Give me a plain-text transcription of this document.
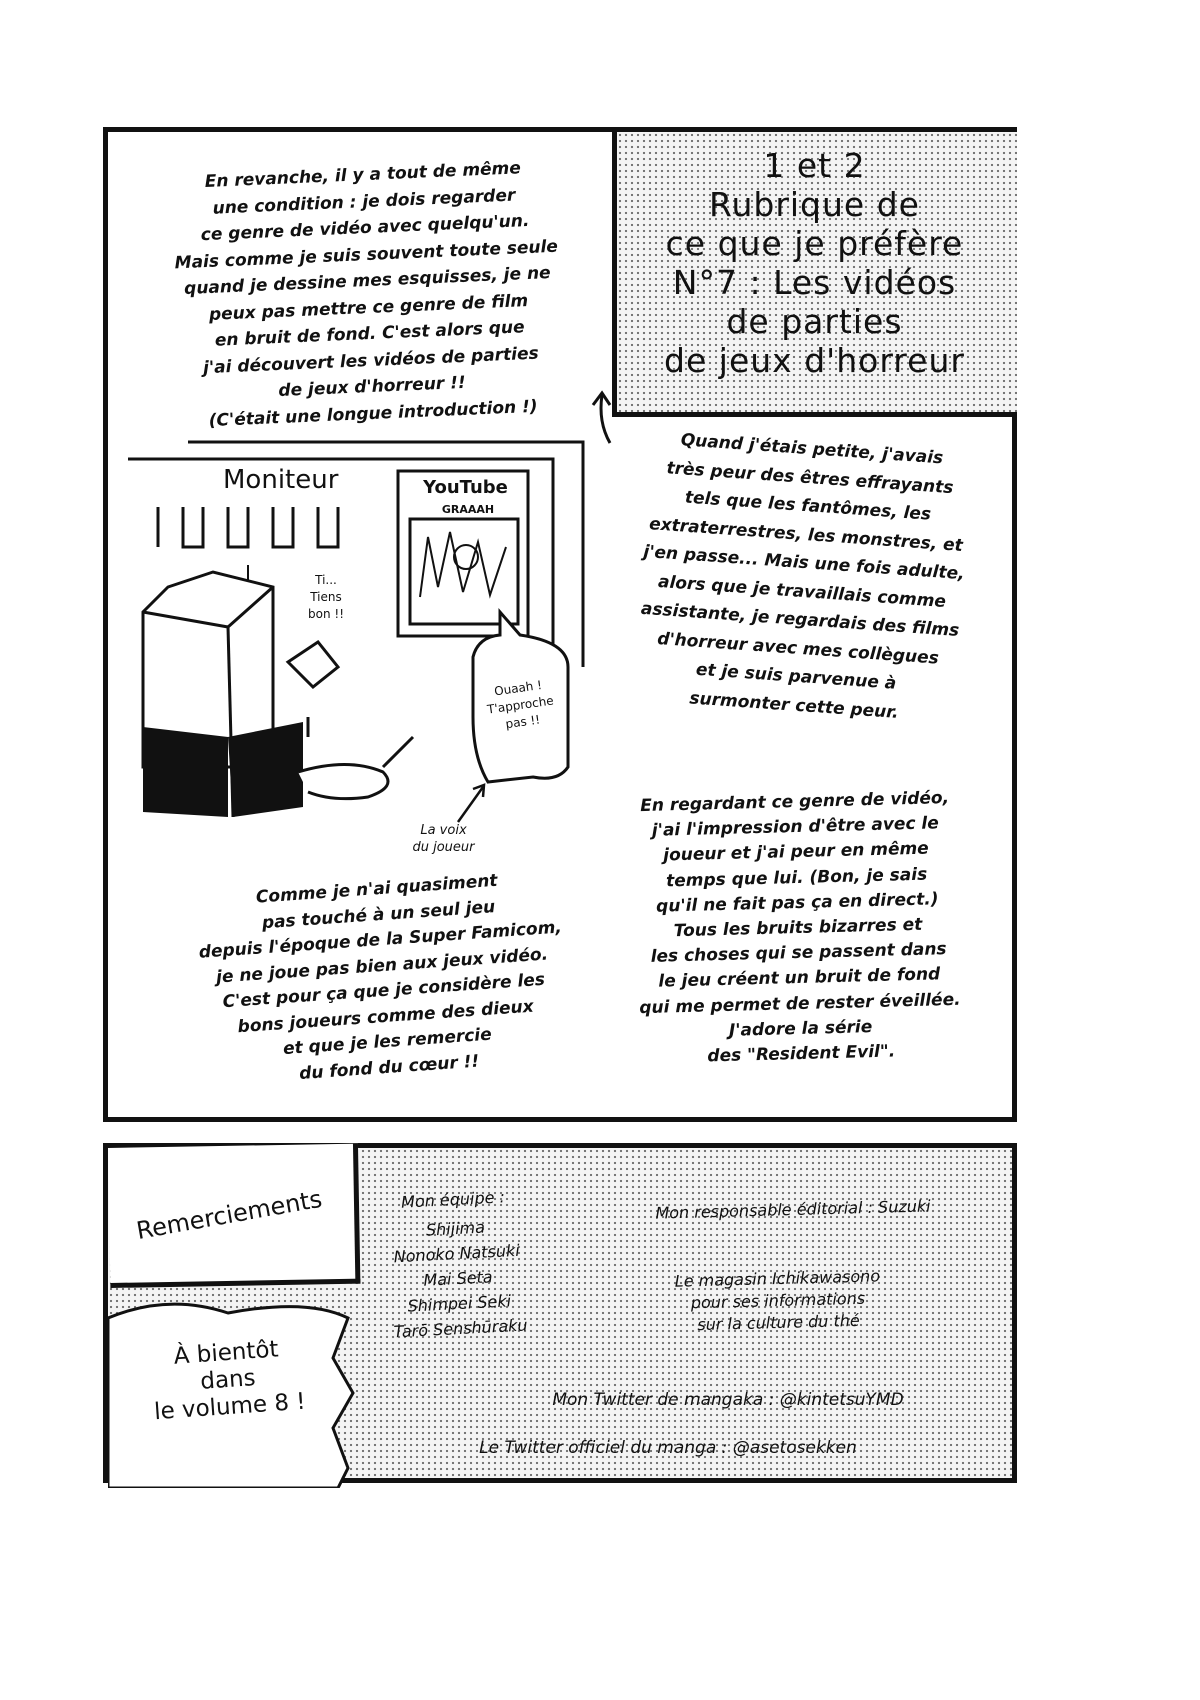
1 et 2
Rubrique de
ce que je préfère
N°7 : Les vidéos
de parties
de jeux d'horreur
En revanche, il y a tout de même
une condition : je dois regarder
ce genre de vidéo avec quelqu'un.
Mais comme je suis souvent toute seule
quand je dessine mes esquisses, je ne
peux pas mettre ce genre de film
en bruit de fond. C'est alors que
j'ai découvert les vidéos de parties
de jeux d'horreur !!
(C'était une longue introduction !)
Quand j'étais petite, j'avais
très peur des êtres effrayants
tels que les fantômes, les
extraterrestres, les monstres, et
j'en passe... Mais une fois adulte,
alors que je travaillais comme
assistante, je regardais des films
d'horreur avec mes collègues
et je suis parvenue à
surmonter cette peur.
Moniteur	YouTube
GRAAAH
Ti...
Tiens
bon !!
Ouaah !
T'approche
pas !!
La voix
du joueur
En regardant ce genre de vidéo,
j'ai l'impression d'être avec le
joueur et j'ai peur en même
temps que lui. (Bon, je sais
qu'il ne fait pas ça en direct.)
Tous les bruits bizarres et
les choses qui se passent dans
le jeu créent un bruit de fond
qui me permet de rester éveillée.
J'adore la série
des "Resident Evil".
Comme je n'ai quasiment
pas touché à un seul jeu
depuis l'époque de la Super Famicom,
je ne joue pas bien aux jeux vidéo.
C'est pour ça que je considère les
bons joueurs comme des dieux
et que je les remercie
du fond du cœur !!
Remerciements
À bientôt
dans
le volume 8 !
Mon équipe :
Shijima
Nonoko Natsuki
Mai Seta
Shimpei Seki
Tarō Senshūraku
Mon responsable éditorial : Suzuki
Le magasin Ichikawasono
pour ses informations
sur la culture du thé
Mon Twitter de mangaka : @kintetsuYMD
Le Twitter officiel du manga : @asetosekken
